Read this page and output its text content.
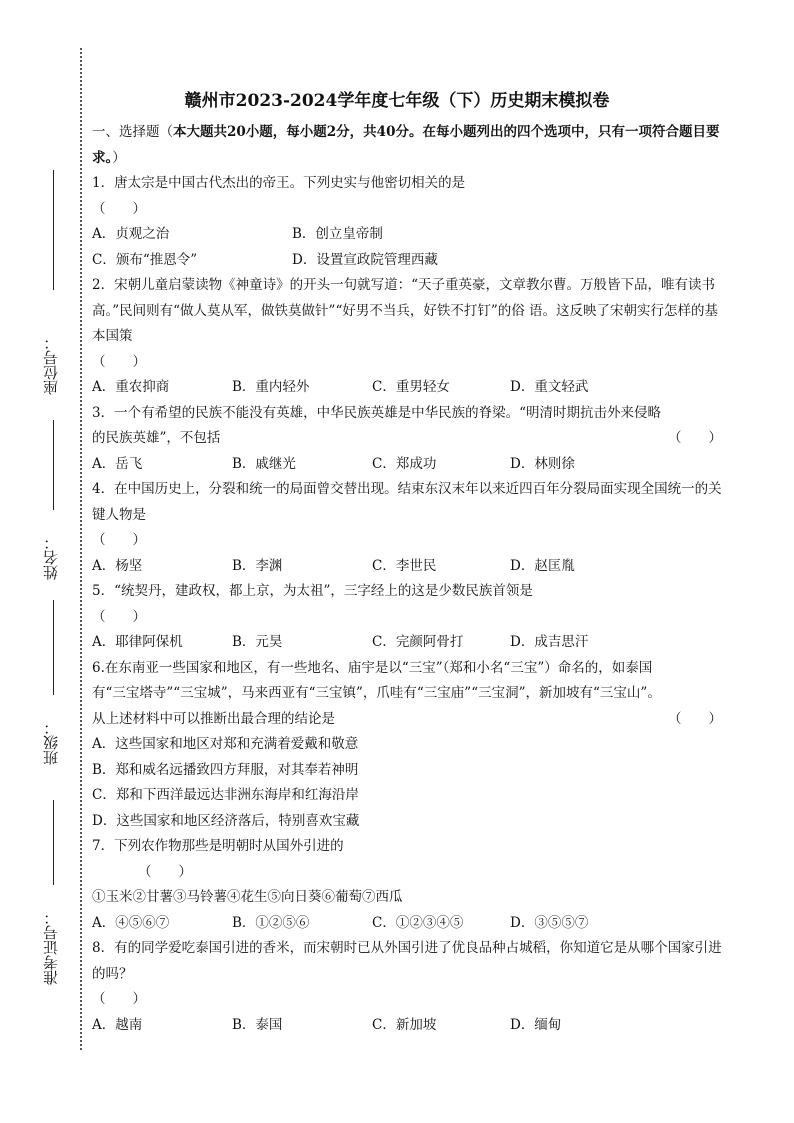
座位号：
姓名：
班级：
准考证号：
赣州市2023-2024学年度七年级（下）历史期末模拟卷
一、选择题（本大题共20小题，每小题2分，共40分。在每小题列出的四个选项中，只有一项符合题目要求。）
1．唐太宗是中国古代杰出的帝王。下列史实与他密切相关的是
（　　）
A．贞观之治	B．创立皇帝制
C．颁布“推恩令”	D．设置宣政院管理西藏
2．宋朝儿童启蒙读物《神童诗》的开头一句就写道：“天子重英豪，文章教尔曹。万般皆下品，唯有读书高。”民间则有“做人莫从军，做铁莫做针”“好男不当兵，好铁不打钉”的俗 语。这反映了宋朝实行怎样的基本国策
（　　）
A．重农抑商	B．重内轻外	C．重男轻女	D．重文轻武
3．一个有希望的民族不能没有英雄，中华民族英雄是中华民族的脊梁。“明清时期抗击外来侵略的民族英雄”，不包括	（　　）
A．岳飞	B．戚继光	C．郑成功	D．林则徐
4．在中国历史上，分裂和统一的局面曾交替出现。结束东汉末年以来近四百年分裂局面实现全国统一的关键人物是
（　　）
A．杨坚	B．李渊	C．李世民	D．赵匡胤
5．“统契丹，建政权，都上京，为太祖”，三字经上的这是少数民族首领是
（　　）
A．耶律阿保机	B．元昊	C．完颜阿骨打	D．成吉思汗
6.在东南亚一些国家和地区，有一些地名、庙宇是以“三宝”（郑和小名“三宝”）命名的，如泰国有“三宝塔寺”“三宝城”，马来西亚有“三宝镇”，爪哇有“三宝庙”“三宝洞”，新加坡有“三宝山”。从上述材料中可以推断出最合理的结论是	（　　）
A．这些国家和地区对郑和充满着爱戴和敬意
B．郑和威名远播致四方拜服，对其奉若神明
C．郑和下西洋最远达非洲东海岸和红海沿岸
D．这些国家和地区经济落后，特别喜欢宝藏
7．下列农作物那些是明朝时从国外引进的
（　　）
①玉米②甘薯③马铃薯④花生⑤向日葵⑥葡萄⑦西瓜
A．④⑤⑥⑦	B．①②⑤⑥	C．①②③④⑤	D．③⑤⑤⑦
8．有的同学爱吃泰国引进的香米，而宋朝时已从外国引进了优良品种占城稻，你知道它是从哪个国家引进的吗？
（　　）
A．越南	B．泰国	C．新加坡	D．缅甸
